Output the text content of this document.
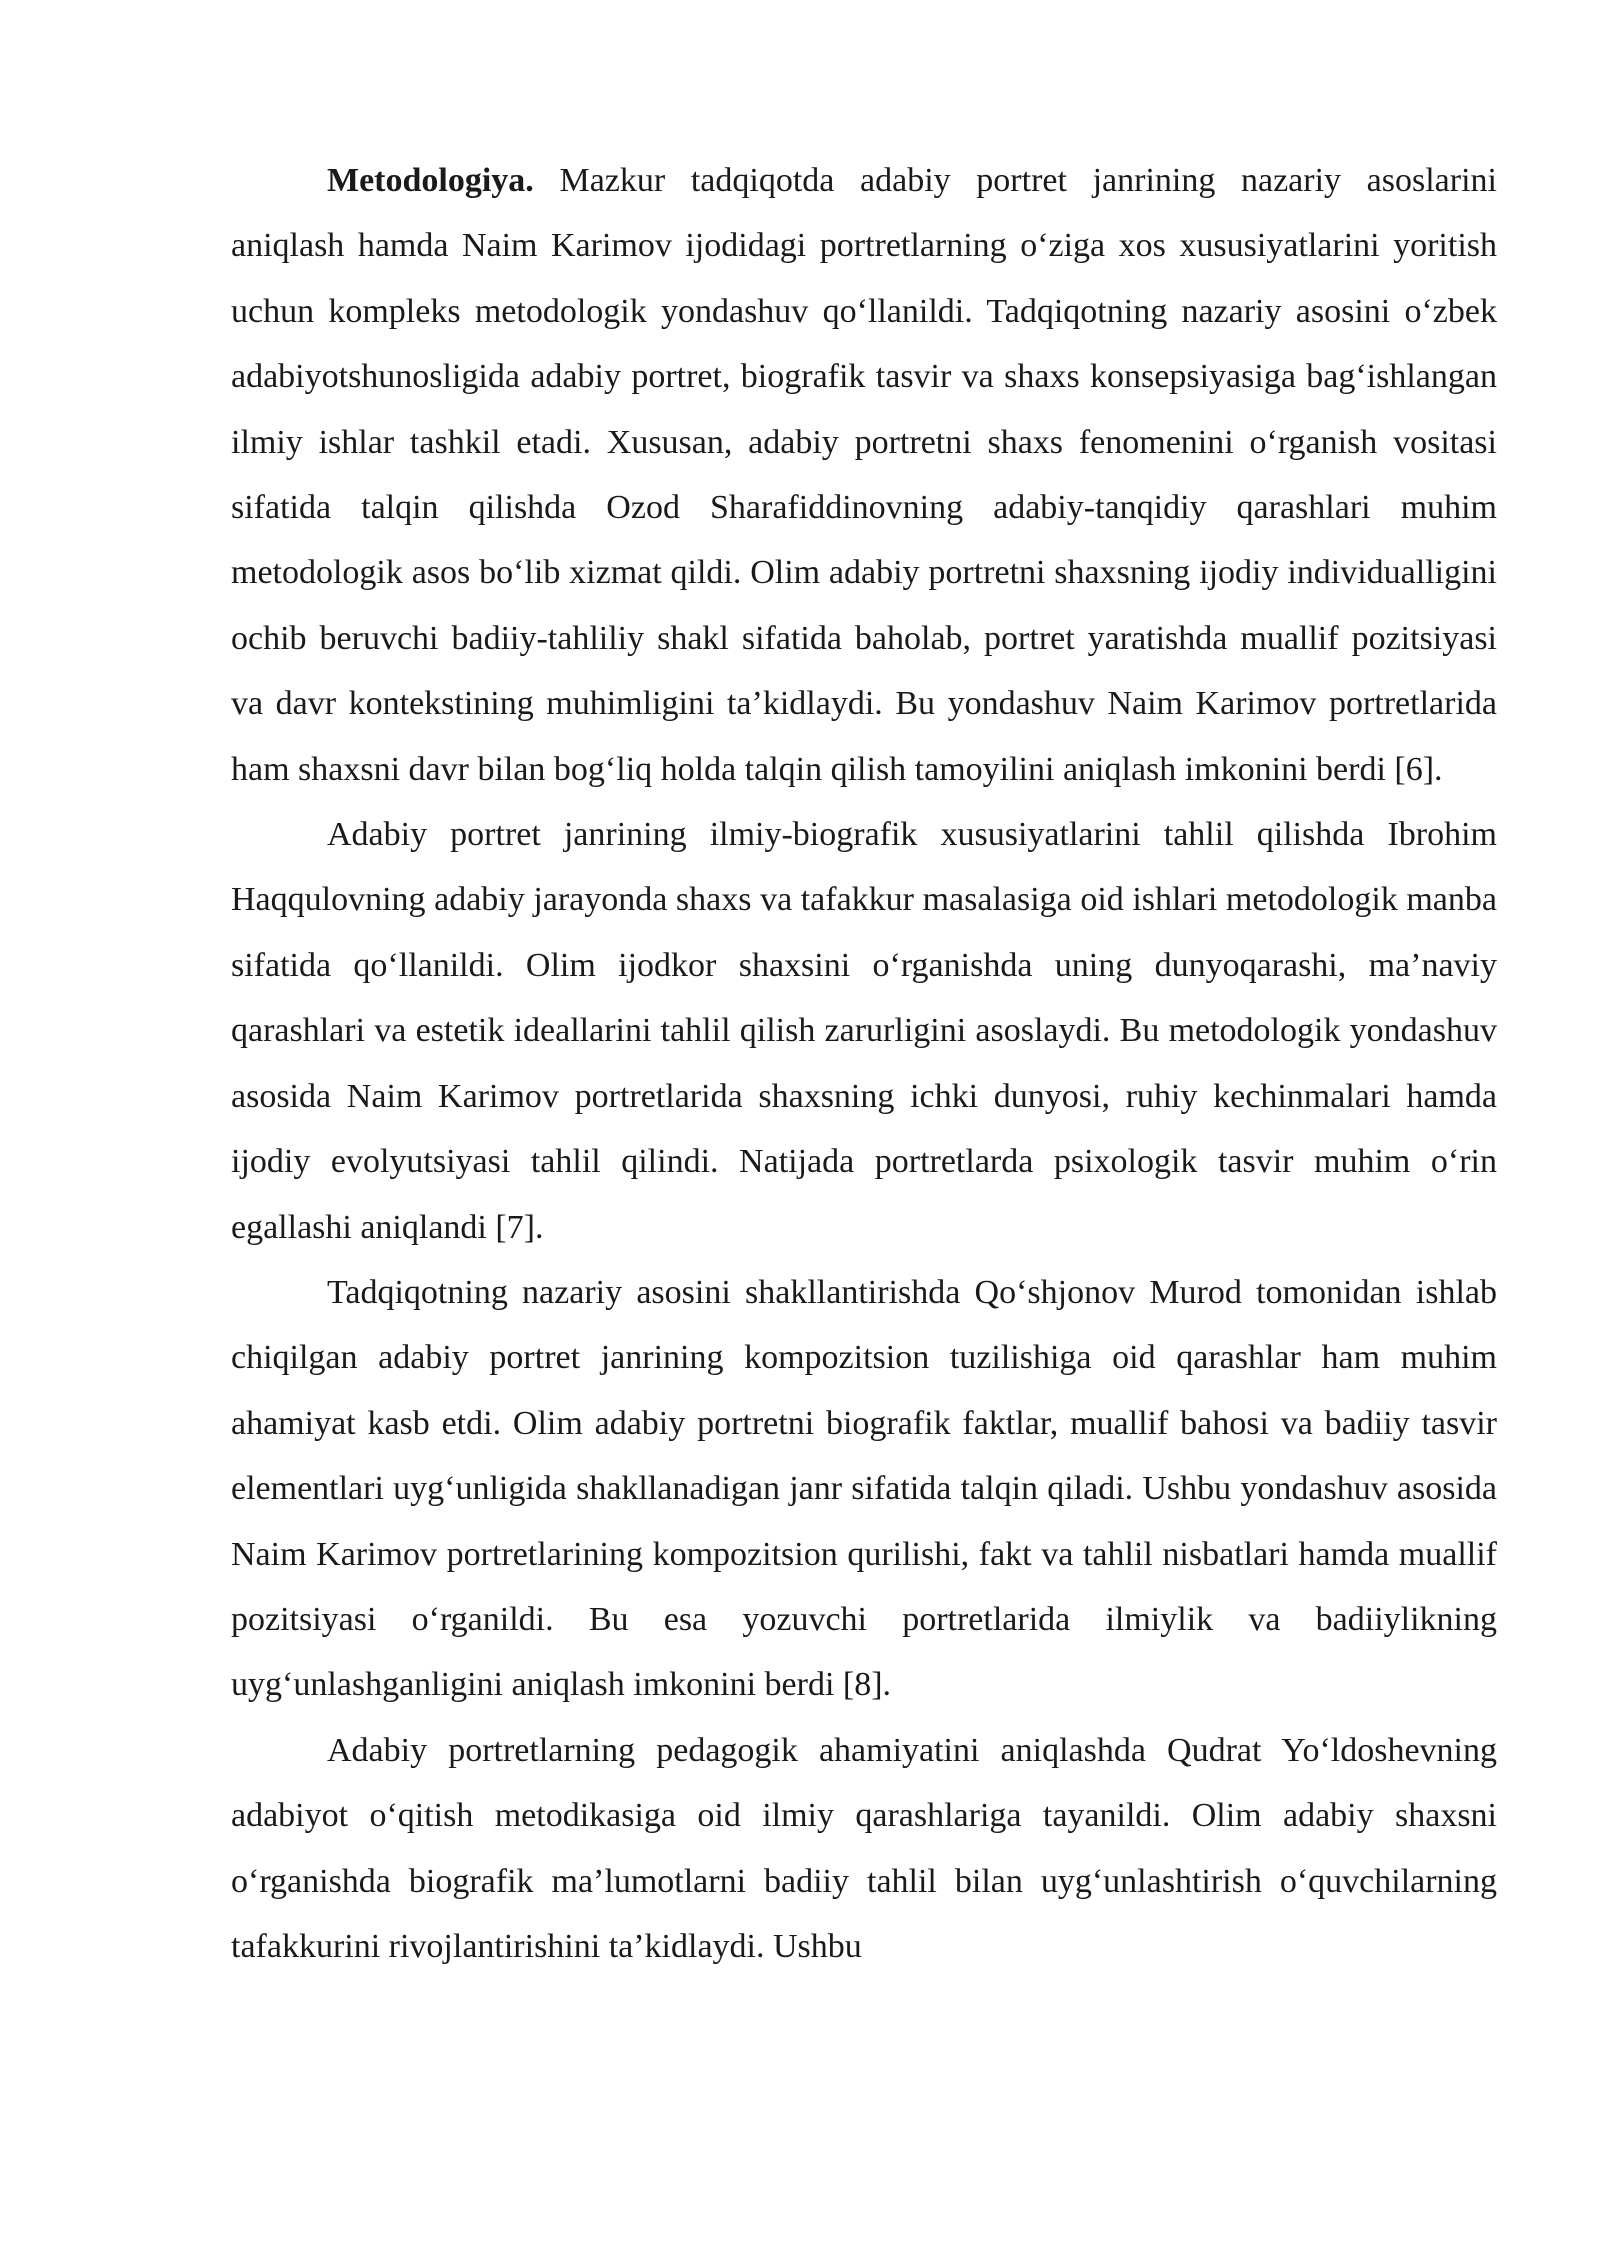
Metodologiya. Mazkur tadqiqotda adabiy portret janrining nazariy asoslarini aniqlash hamda Naim Karimov ijodidagi portretlarning o‘ziga xos xususiyatlarini yoritish uchun kompleks metodologik yondashuv qo‘llanildi. Tadqiqotning nazariy asosini o‘zbek adabiyotshunosligida adabiy portret, biografik tasvir va shaxs konsepsiyasiga bag‘ishlangan ilmiy ishlar tashkil etadi. Xususan, adabiy portretni shaxs fenomenini o‘rganish vositasi sifatida talqin qilishda Ozod Sharafiddinovning adabiy-tanqidiy qarashlari muhim metodologik asos bo‘lib xizmat qildi. Olim adabiy portretni shaxsning ijodiy individualligini ochib beruvchi badiiy-tahliliy shakl sifatida baholab, portret yaratishda muallif pozitsiyasi va davr kontekstining muhimligini ta’kidlaydi. Bu yondashuv Naim Karimov portretlarida ham shaxsni davr bilan bog‘liq holda talqin qilish tamoyilini aniqlash imkonini berdi [6].

Adabiy portret janrining ilmiy-biografik xususiyatlarini tahlil qilishda Ibrohim Haqqulovning adabiy jarayonda shaxs va tafakkur masalasiga oid ishlari metodologik manba sifatida qo‘llanildi. Olim ijodkor shaxsini o‘rganishda uning dunyoqarashi, ma’naviy qarashlari va estetik ideallarini tahlil qilish zarurligini asoslaydi. Bu metodologik yondashuv asosida Naim Karimov portretlarida shaxsning ichki dunyosi, ruhiy kechinmalari hamda ijodiy evolyutsiyasi tahlil qilindi. Natijada portretlarda psixologik tasvir muhim o‘rin egallashi aniqlandi [7].

Tadqiqotning nazariy asosini shakllantirishda Qo‘shjonov Murod tomonidan ishlab chiqilgan adabiy portret janrining kompozitsion tuzilishiga oid qarashlar ham muhim ahamiyat kasb etdi. Olim adabiy portretni biografik faktlar, muallif bahosi va badiiy tasvir elementlari uyg‘unligida shakllanadigan janr sifatida talqin qiladi. Ushbu yondashuv asosida Naim Karimov portretlarining kompozitsion qurilishi, fakt va tahlil nisbatlari hamda muallif pozitsiyasi o‘rganildi. Bu esa yozuvchi portretlarida ilmiylik va badiiylikning uyg‘unlashganligini aniqlash imkonini berdi [8].

Adabiy portretlarning pedagogik ahamiyatini aniqlashda Qudrat Yo‘ldoshevning adabiyot o‘qitish metodikasiga oid ilmiy qarashlariga tayanildi. Olim adabiy shaxsni o‘rganishda biografik ma’lumotlarni badiiy tahlil bilan uyg‘unlashtirish o‘quvchilarning tafakkurini rivojlantirishini ta’kidlaydi. Ushbu
